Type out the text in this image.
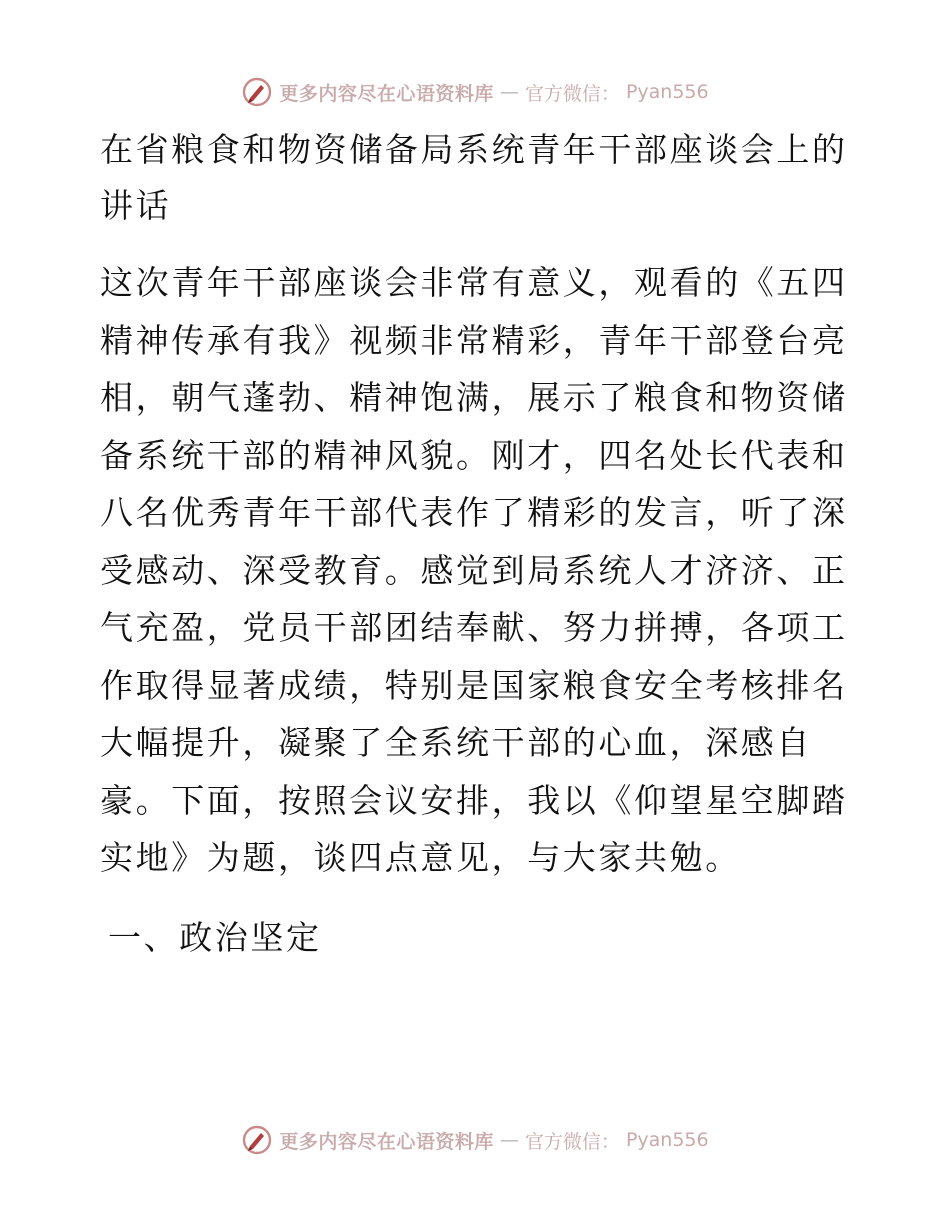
更多内容尽在心语资料库 — 官方微信： Pyan556
在省粮食和物资储备局系统青年干部座谈会上的讲话

这次青年干部座谈会非常有意义，观看的《五四精神传承有我》视频非常精彩，青年干部登台亮相，朝气蓬勃、精神饱满，展示了粮食和物资储备系统干部的精神风貌。刚才，四名处长代表和八名优秀青年干部代表作了精彩的发言，听了深受感动、深受教育。感觉到局系统人才济济、正气充盈，党员干部团结奉献、努力拼搏，各项工作取得显著成绩，特别是国家粮食安全考核排名大幅提升，凝聚了全系统干部的心血，深感自豪。下面，按照会议安排，我以《仰望星空脚踏实地》为题，谈四点意见，与大家共勉。

一、政治坚定
更多内容尽在心语资料库 — 官方微信： Pyan556
